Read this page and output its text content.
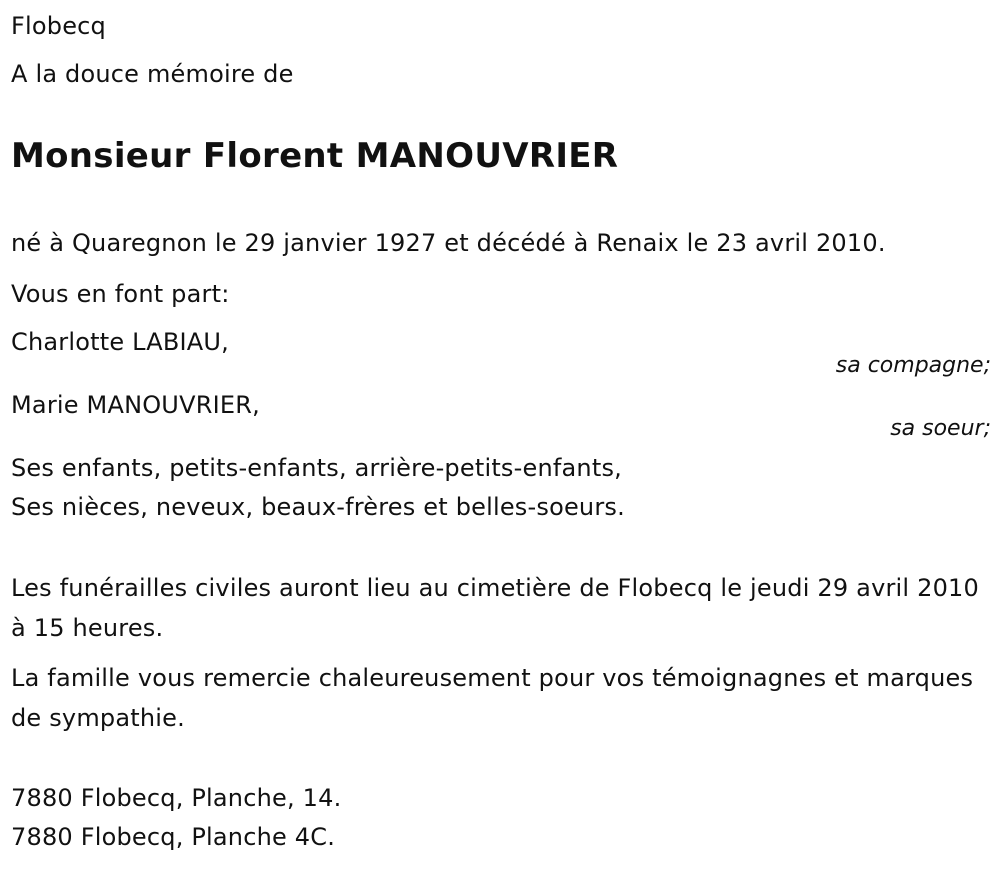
Flobecq
A la douce mémoire de
Monsieur Florent MANOUVRIER
né à Quaregnon le 29 janvier 1927 et décédé à Renaix le 23 avril 2010.
Vous en font part:
Charlotte LABIAU,
sa compagne;
Marie MANOUVRIER,
sa soeur;
Ses enfants, petits-enfants, arrière-petits-enfants,
Ses nièces, neveux, beaux-frères et belles-soeurs.
Les funérailles civiles auront lieu au cimetière de Flobecq le jeudi 29 avril 2010 à 15 heures.
La famille vous remercie chaleureusement pour vos témoignagnes et marques de sympathie.
7880 Flobecq, Planche, 14.
7880 Flobecq, Planche 4C.
